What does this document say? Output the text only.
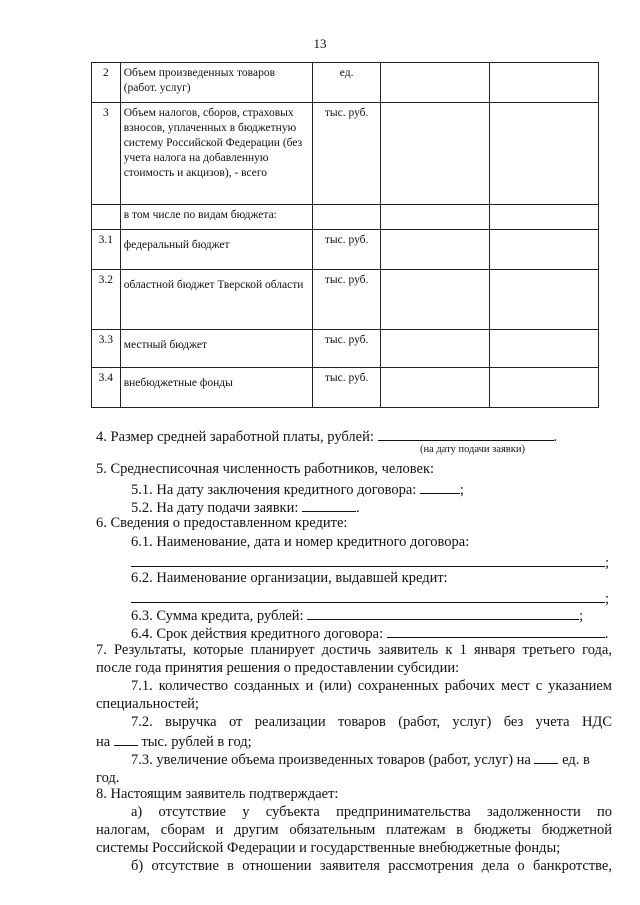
13
2	Объем произведенных товаров (работ. услуг)	ед.		
3	Объем налогов, сборов, страховых взносов, уплаченных в бюджетную систему Российской Федерации (без учета налога на добавленную стоимость и акцизов), - всего	тыс. руб.		
	в том числе по видам бюджета:			
3.1	федеральный бюджет	тыс. руб.		
3.2	областной бюджет Тверской области	тыс. руб.		
3.3	местный бюджет	тыс. руб.		
3.4	внебюджетные фонды	тыс. руб.		
4. Размер средней заработной платы, рублей:	.
(на дату подачи заявки)
5. Среднесписочная численность работников, человек:
5.1. На дату заключения кредитного договора:	;
5.2. На дату подачи заявки:	.
6. Сведения о предоставленном кредите:
6.1. Наименование, дата и номер кредитного договора:
;
6.2. Наименование организации, выдавшей кредит:
;
6.3. Сумма кредита, рублей:	;
6.4. Срок действия кредитного договора:	.
7. Результаты, которые планирует достичь заявитель к 1 января третьего года,
после года принятия решения о предоставлении субсидии:
7.1. количество созданных и (или) сохраненных рабочих мест с указанием
специальностей;
7.2. выручка от реализации товаров (работ, услуг) без учета НДС
на тыс. рублей в год;
7.3. увеличение объема произведенных товаров (работ, услуг) на ед. в
год.
8. Настоящим заявитель подтверждает:
а) отсутствие у субъекта предпринимательства задолженности по
налогам, сборам и другим обязательным платежам в бюджеты бюджетной
системы Российской Федерации и государственные внебюджетные фонды;
б) отсутствие в отношении заявителя рассмотрения дела о банкротстве,
